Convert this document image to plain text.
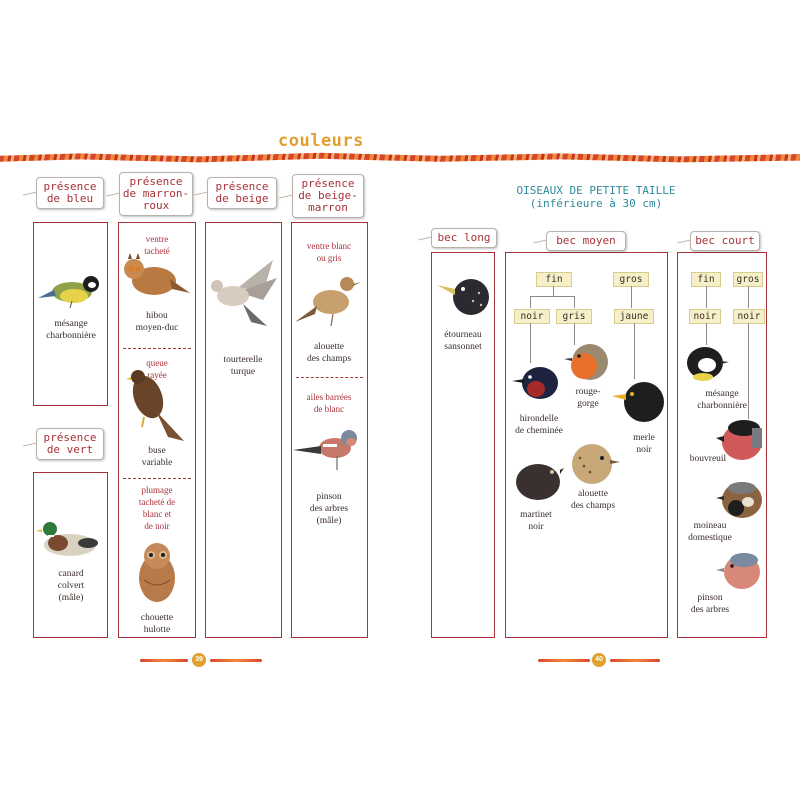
couleurs
présence
de bleu
mésange
charbonnière
présence
de vert
canard
colvert
(mâle)
présence
de marron-
roux
ventre
tacheté
hibou
moyen-duc
queue
rayée
buse
variable
plumage
tacheté de
blanc et
de noir
chouette
hulotte
présence
de beige
tourterelle
turque
présence
de beige-
marron
ventre blanc
ou gris
alouette
des champs
ailes barrées
de blanc
pinson
des arbres
(mâle)
39
OISEAUX DE PETITE TAILLE
(inférieure à 30 cm)
bec long
étourneau
sansonnet
bec moyen
fin	gros
noir	gris	jaune
hirondelle
de cheminée
rouge-
gorge
merle
noir
martinet
noir
alouette
des champs
bec court
fin	gros
noir	noir
mésange
charbonnière
bouvreuil
moineau
domestique
pinson
des arbres
40
